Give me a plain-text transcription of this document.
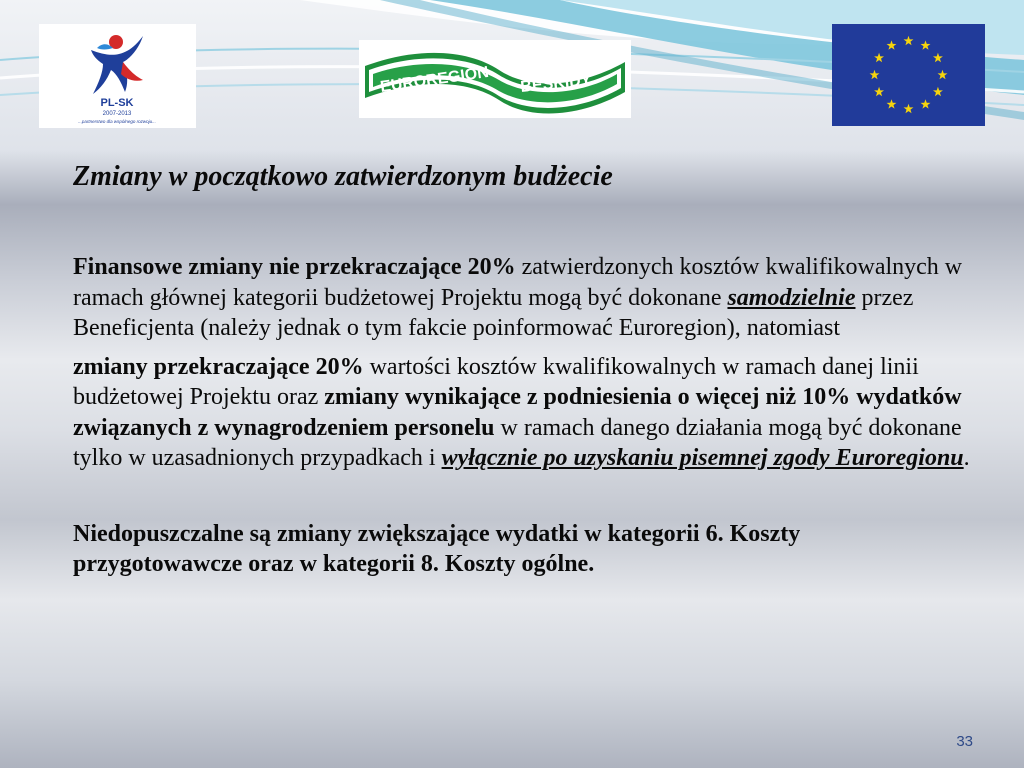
PL-SK
2007-2013
...partnerstwo dla wspólnego rozwoju...
EUROREGION BESKIDY
Zmiany w początkowo zatwierdzonym budżecie

Finansowe zmiany nie przekraczające 20% zatwierdzonych kosztów kwalifikowalnych w ramach głównej kategorii budżetowej Projektu mogą być dokonane samodzielnie przez Beneficjenta (należy jednak o tym fakcie poinformować Euroregion), natomiast

zmiany przekraczające 20% wartości kosztów kwalifikowalnych w ramach danej linii budżetowej Projektu oraz zmiany wynikające z podniesienia o więcej niż 10% wydatków związanych z wynagrodzeniem personelu w ramach danego działania mogą być dokonane tylko w uzasadnionych przypadkach i wyłącznie po uzyskaniu pisemnej zgody Euroregionu.

Niedopuszczalne są zmiany zwiększające wydatki w kategorii 6. Koszty przygotowawcze oraz w kategorii 8. Koszty ogólne.

33
